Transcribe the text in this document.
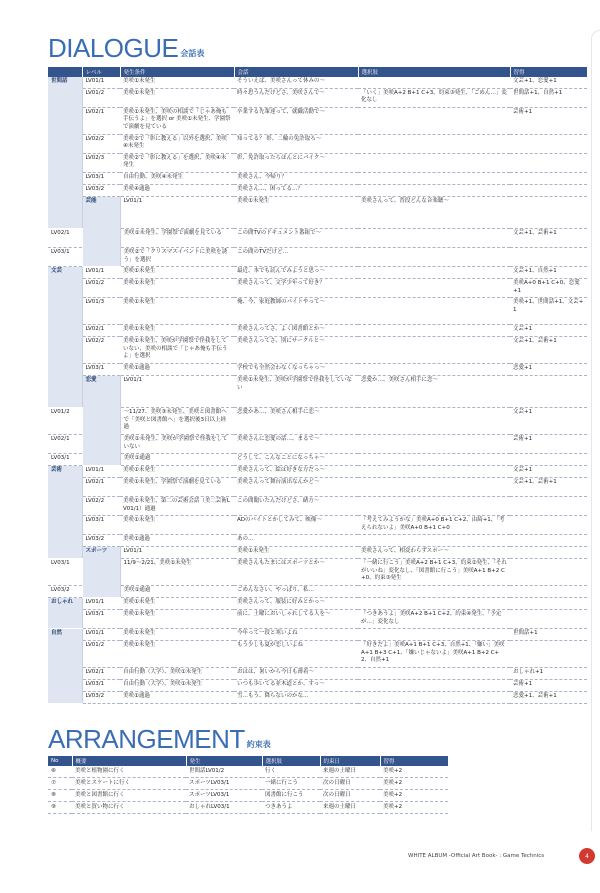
DIALOGUE 会話表
	レベル	発生条件	会話	選択肢	習得	
世間話	LV01/1	美咲①未発生	そういえば、美咲さんって休みの〜		文芸+1、恋愛+1	
	LV01/2	美咲①未発生	時々思うんだけどさ、美咲さんで〜	「いく」美咲A+2 B+1 C+3、約束③発生、「ごめん…」変化なし	世間話+1、自然+1	
	LV02/1	美咲①未発生、美咲の相談で「じゃあ俺も手伝うよ」を選択 or 美咲①未発生、学園祭で演劇を見ている	卒業する先輩達って、就職活動で〜		芸術+1	
	LV02/2	美咲②で「彰に教える」以外を選択、美咲④未発生	知ってる？ 彰、二輪の免許取ろ〜			
	LV02/3	美咲②で「彰に教える」を選択、美咲④未発生	彰、免許取ったらほんとにバイク〜			
	LV03/1	自由行動、美咲④未発生	美咲さん、今帰り？			
	LV03/2	美咲④通過	美咲さん…、困ってる…？			
	芸能	LV01/1	美咲①未発生	美咲さんって、普段どんな音楽聴〜		
LV02/1		美咲①未発生、学園祭で演劇を見ている	この間TVのドキュメント番組で〜		文芸+1、芸術+1	
LV03/1		美咲②で「クリスマスイベントに美咲を誘う」を選択	この間のTVだけど…			
文芸	LV01/1	美咲①未発生	最近、本でも読んでみようと思っ〜		文芸+1、自然+1	
	LV01/2	美咲①未発生	美咲さんって、文学少年って好き？		美咲A+0 B+1 C+0、恋愛+1	
	LV01/3	美咲①未発生	俺、今、家庭教師のバイトやって〜		美咲+1、世間話+1、文芸+1	
	LV02/1	美咲①未発生	美咲さんってさ、よく図書館とか〜		文芸+1	
	LV02/2	美咲①未発生、美咲が学園祭で怪我をしていない、美咲の相談で「じゃあ俺も手伝うよ」を選択	美咲さんってさ、別にサークルと〜		文芸+1、芸術+1	
	LV03/1	美咲①通過	学校でも全然会わなくなっちゃっ〜		恋愛+1	
	恋愛	LV01/1	美咲①未発生、美咲が学園祭で怪我をしていない	恋愛か…、美咲さん相手に恋〜		
LV01/2		〜11/27、美咲③未発生、美咲と図書館へで「美咲と図書館へ」を選択後3日以上経過	恋愛かあ…、美咲さん相手に恋〜		文芸+1	
LV02/1		美咲①未発生、美咲が学園祭で怪我をしていない	美咲さんに恋愛の話…、まるで〜		芸術+1	
LV03/1		美咲①通過	どうして、こんなことになっちゃ〜			
芸術	LV01/1	美咲①未発生	美咲さんって、絵は好きな方だっ〜		文芸+1	
	LV02/1	美咲①未発生、学園祭で演劇を見ている	美咲さんって舞台演出なんかど〜		文芸+1、芸術+1	
	LV02/2	美咲①未発生、第二の芸術会話（美二芸術LV01/1）通過	この間聞いたんだけどさ、緒方〜			
	LV03/1	美咲①未発生	ADのバイトとかしてみて、映像〜	「考えてみようかな」美咲A+0 B+1 C+2、由綺+1、「考えられないよ」美咲A+0 B+1 C+0		
	LV03/2	美咲①通過	あの…			
	スポーツ	LV01/1	美咲①未発生	美咲さんって、相変わらずスポー〜		
LV03/1		11/9〜2/21、美咲①未発生	美咲さんもたまにはスポーツとか〜	「一緒に行こう」美咲A+2 B+1 C+3、約束②発生、「それがいいね」変化なし、「図書館に行こう」美咲A+1 B+2 C+0、約束③発生		
LV03/2		美咲①通過	ごめんなさい、やっぱり、私…			
おしゃれ	LV01/1	美咲①未発生	美咲さんって、服装に好みとかっ〜			
	LV03/1	美咲①未発生	前に、土曜においしゃれしてる人を〜	「つきあうよ」美咲A+2 B+1 C+2、約束④発生、「予定が…」変化なし		
自然	LV01/1	美咲①未発生	今年って一段と寒いよね		世間話+1	
	LV01/2	美咲①未発生	もう少しも夏が恋しいよね	「好きだよ」美咲A+1 B+1 C+3、自然+1、「嫌い」美咲A+1 B+3 C+1、「嫌いじゃないよ」美咲A+1 B+2 C+2、自然+1		
	LV02/1	自由行動（大学）、美咲①未発生	おはは、暑いから今日も薄着〜		おしゃれ+1	
	LV03/1	自由行動（大学）、美咲①未発生	いつも歩いてる並木道とか、すっ〜		芸術+1	
	LV03/2	美咲①通過	雪…もう、降らないのかな…		恋愛+1、芸術+1	
ARRANGEMENT 約束表
No	概要	発生	選択肢	約束日	習得
⑥	美咲と植物園に行く	世間話LV01/2	行く	来週の土曜日	美咲+2
⑦	美咲とスケートに行く	スポーツLV03/1	一緒に行こう	次の日曜日	美咲+2
⑧	美咲と図書館に行く	スポーツLV03/1	図書館に行こう	次の日曜日	美咲+2
⑨	美咲と買い物に行く	おしゃれLV03/1	つきあうよ	来週の土曜日	美咲+2
WHITE ALBUM -Official Art Book- : Game Technics	4
